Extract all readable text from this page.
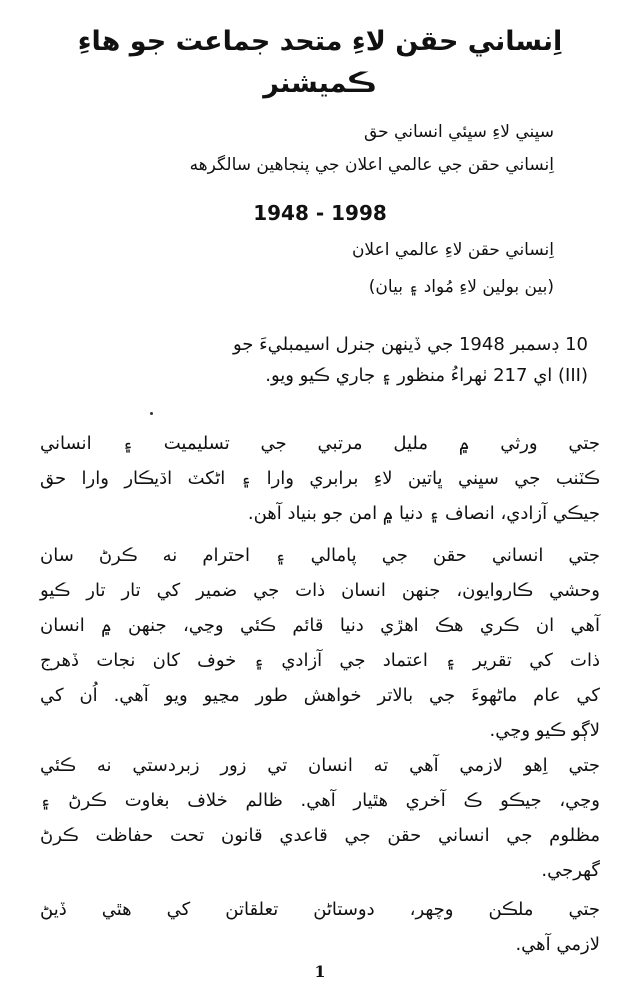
اِنساني حقن لاءِ متحد جماعت جو هاءِ
ڪميشنر
سڀني لاءِ سڀئي انساني حق
اِنساني حقن جي عالمي اعلان جي پنجاهين سالگرهه
1948 - 1998
اِنساني حقن لاءِ عالمي اعلان
(بين بولين لاءِ مُواد ۽ بيان)
10 ڊسمبر 1948 جي ڏينهن جنرل اسيمبليءَ جو
(III) اي 217 ٺهراءُ منظور ۽ جاري ڪيو ويو.
جتي ورثي ۾ مليل مرتبي جي تسليميت ۽ انساني
ڪٽنب جي سڀني ڀاتين لاءِ برابري وارا ۽ اڻکٽ اڌيڪار وارا حق
جيڪي آزادي، انصاف ۽ دنيا ۾ امن جو بنياد آهن.
جتي انساني حقن جي پامالي ۽ احترام نه ڪرڻ سان
وحشي ڪاروايون، جنهن انسان ذات جي ضمير کي تار تار ڪيو
آهي ان ڪري هڪ اهڙي دنيا قائم ڪئي وڃي، جنهن ۾ انسان
ذات کي تقرير ۽ اعتماد جي آزادي ۽ خوف کان نجات ڏهرج
کي عام ماڻهوءَ جي بالاتر خواهش طور مڃيو ويو آهي. اُن کي
لاڳو ڪيو وڃي.
جتي اِهو لازمي آهي ته انسان تي زور زبردستي نه ڪئي
وڃي، جيڪو ڪ آخري هٿيار آهي. ظالم خلاف بغاوت ڪرڻ ۽
مظلوم جي انساني حقن جي قاعدي قانون تحت حفاظت ڪرڻ
گهرجي.
جتي ملڪن وچهر، دوستاڻن تعلقاتن کي هٿي ڏيڻ
لازمي آهي.
1
